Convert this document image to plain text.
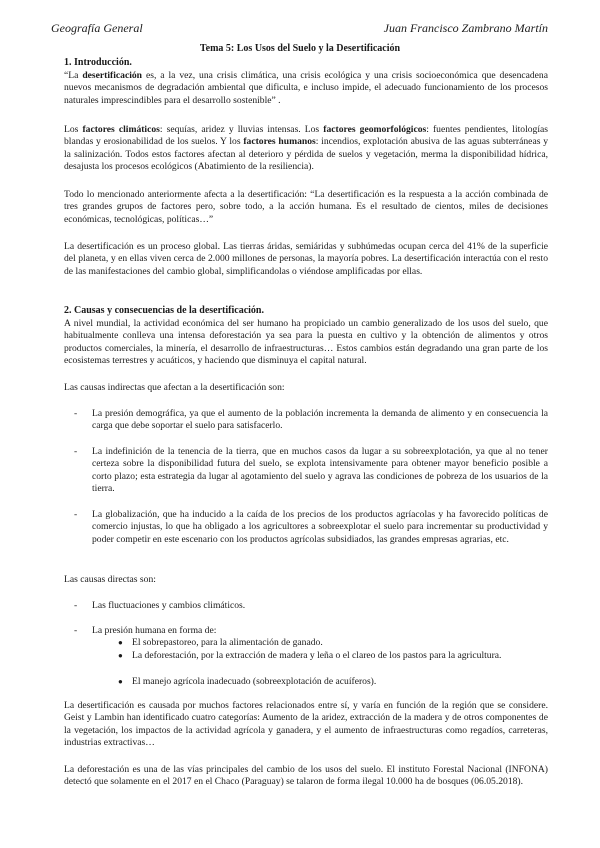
Geografía General	Juan Francisco Zambrano Martín
Tema 5: Los Usos del Suelo y la Desertificación
1. Introducción.

“La desertificación es, a la vez, una crisis climática, una crisis ecológica y una crisis socioeconómica que desencadena nuevos mecanismos de degradación ambiental que dificulta, e incluso impide, el adecuado funcionamiento de los procesos naturales imprescindibles para el desarrollo sostenible” .

Los factores climáticos: sequías, aridez y lluvias intensas. Los factores geomorfológicos: fuentes pendientes, litologías blandas y erosionabilidad de los suelos. Y los factores humanos: incendios, explotación abusiva de las aguas subterráneas y la salinización. Todos estos factores afectan al deterioro y pérdida de suelos y vegetación, merma la disponibilidad hídrica, desajusta los procesos ecológicos (Abatimiento de la resiliencia).

Todo lo mencionado anteriormente afecta a la desertificación: “La desertificación es la respuesta a la acción combinada de tres grandes grupos de factores pero, sobre todo, a la acción humana. Es el resultado de cientos, miles de decisiones económicas, tecnológicas, políticas…”

La desertificación es un proceso global. Las tierras áridas, semiáridas y subhúmedas ocupan cerca del 41% de la superficie del planeta, y en ellas viven cerca de 2.000 millones de personas, la mayoría pobres. La desertificación interactúa con el resto de las manifestaciones del cambio global, simplificandolas o viéndose amplificadas por ellas.

2. Causas y consecuencias de la desertificación.

A nivel mundial, la actividad económica del ser humano ha propiciado un cambio generalizado de los usos del suelo, que habitualmente conlleva una intensa deforestación ya sea para la puesta en cultivo y la obtención de alimentos y otros productos comerciales, la minería, el desarrollo de infraestructuras… Estos cambios están degradando una gran parte de los ecosistemas terrestres y acuáticos, y haciendo que disminuya el capital natural.

Las causas indirectas que afectan a la desertificación son:

- La presión demográfica, ya que el aumento de la población incrementa la demanda de alimento y en consecuencia la carga que debe soportar el suelo para satisfacerlo.
- La indefinición de la tenencia de la tierra, que en muchos casos da lugar a su sobreexplotación, ya que al no tener certeza sobre la disponibilidad futura del suelo, se explota intensivamente para obtener mayor beneficio posible a corto plazo; esta estrategia da lugar al agotamiento del suelo y agrava las condiciones de pobreza de los usuarios de la tierra.
- La globalización, que ha inducido a la caída de los precios de los productos agríacolas y ha favorecido políticas de comercio injustas, lo que ha obligado a los agricultores a sobreexplotar el suelo para incrementar su productividad y poder competir en este escenario con los productos agrícolas subsidiados, las grandes empresas agrarias, etc.

Las causas directas son:

- Las fluctuaciones y cambios climáticos.
- La presión humana en forma de:
● El sobrepastoreo, para la alimentación de ganado.
● La deforestación, por la extracción de madera y leña o el clareo de los pastos para la agricultura.
● El manejo agrícola inadecuado (sobreexplotación de acuíferos).

La desertificación es causada por muchos factores relacionados entre sí, y varía en función de la región que se considere. Geist y Lambin han identificado cuatro categorías: Aumento de la aridez, extracción de la madera y de otros componentes de la vegetación, los impactos de la actividad agrícola y ganadera, y el aumento de infraestructuras como regadíos, carreteras, industrias extractivas…

La deforestación es una de las vías principales del cambio de los usos del suelo. El instituto Forestal Nacional (INFONA) detectó que solamente en el 2017 en el Chaco (Paraguay) se talaron de forma ilegal 10.000 ha de bosques (06.05.2018).
